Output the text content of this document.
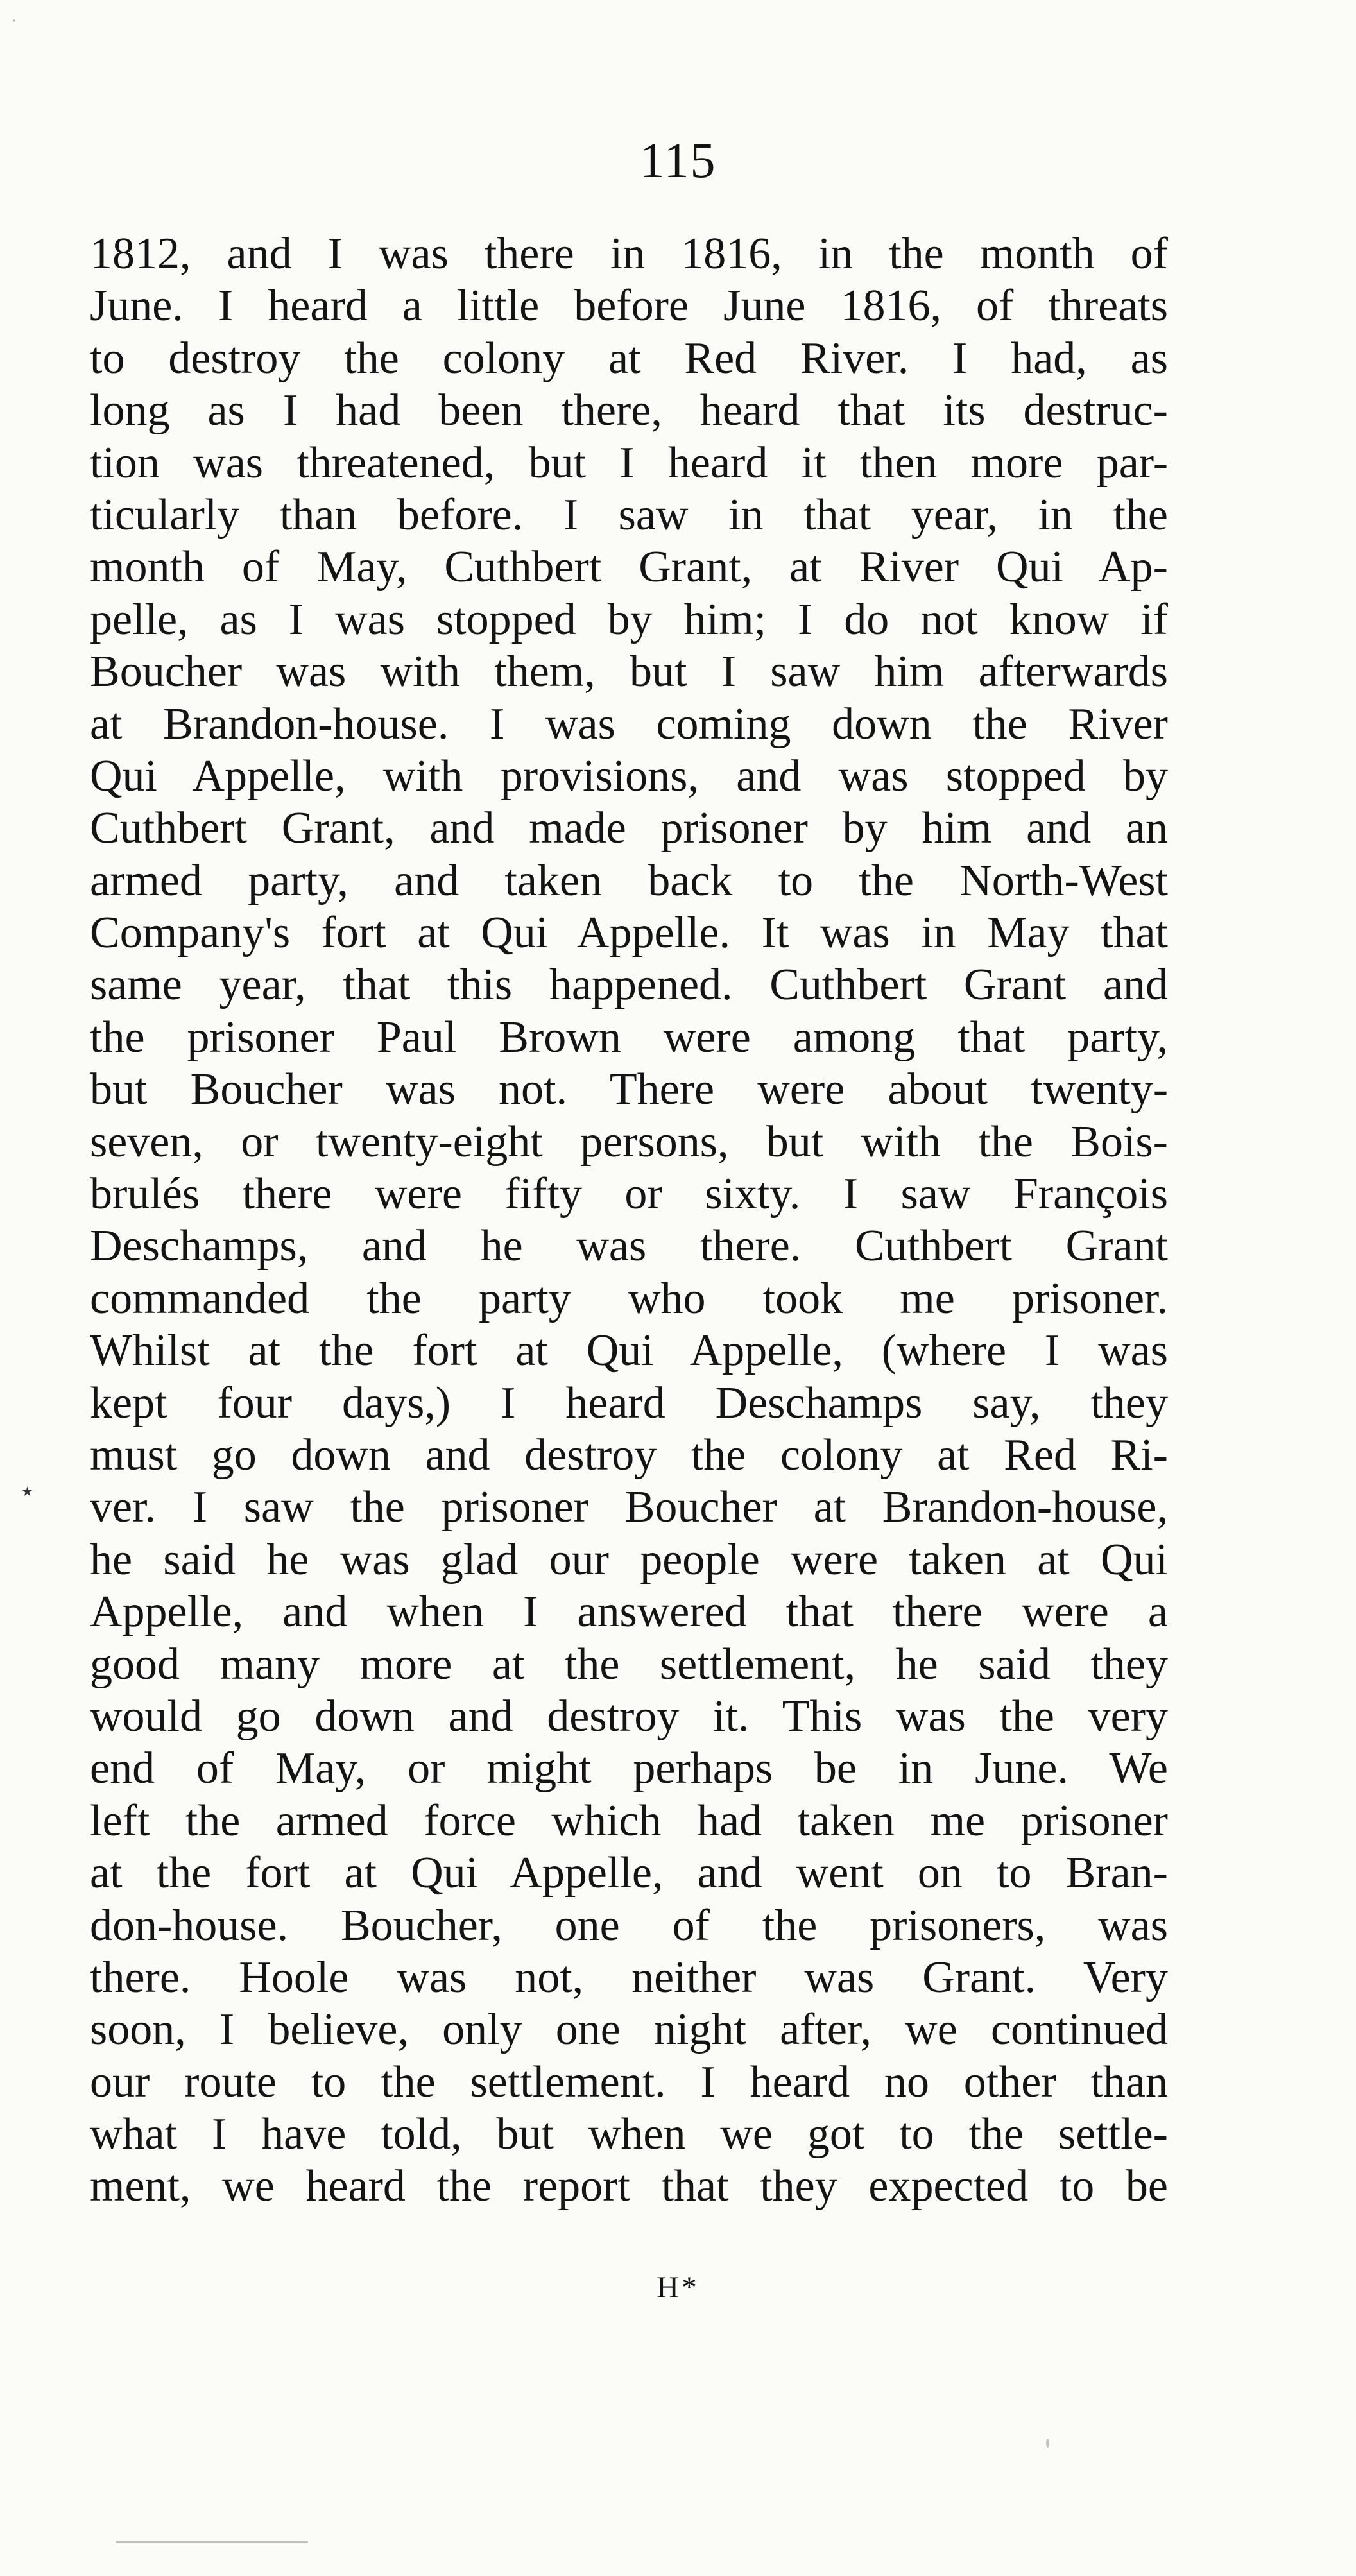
115
1812, and I was there in 1816, in the month of
June. I heard a little before June 1816, of threats
to destroy the colony at Red River. I had, as
long as I had been there, heard that its destruc-
tion was threatened, but I heard it then more par-
ticularly than before. I saw in that year, in the
month of May, Cuthbert Grant, at River Qui Ap-
pelle, as I was stopped by him; I do not know if
Boucher was with them, but I saw him afterwards
at Brandon-house. I was coming down the River
Qui Appelle, with provisions, and was stopped by
Cuthbert Grant, and made prisoner by him and an
armed party, and taken back to the North-West
Company's fort at Qui Appelle. It was in May that
same year, that this happened. Cuthbert Grant and
the prisoner Paul Brown were among that party,
but Boucher was not. There were about twenty-
seven, or twenty-eight persons, but with the Bois-
brulés there were fifty or sixty. I saw François
Deschamps, and he was there. Cuthbert Grant
commanded the party who took me prisoner.
Whilst at the fort at Qui Appelle, (where I was
kept four days,) I heard Deschamps say, they
must go down and destroy the colony at Red Ri-
ver. I saw the prisoner Boucher at Brandon-house,
he said he was glad our people were taken at Qui
Appelle, and when I answered that there were a
good many more at the settlement, he said they
would go down and destroy it. This was the very
end of May, or might perhaps be in June. We
left the armed force which had taken me prisoner
at the fort at Qui Appelle, and went on to Bran-
don-house. Boucher, one of the prisoners, was
there. Hoole was not, neither was Grant. Very
soon, I believe, only one night after, we continued
our route to the settlement. I heard no other than
what I have told, but when we got to the settle-
ment, we heard the report that they expected to be
⋆
H*
